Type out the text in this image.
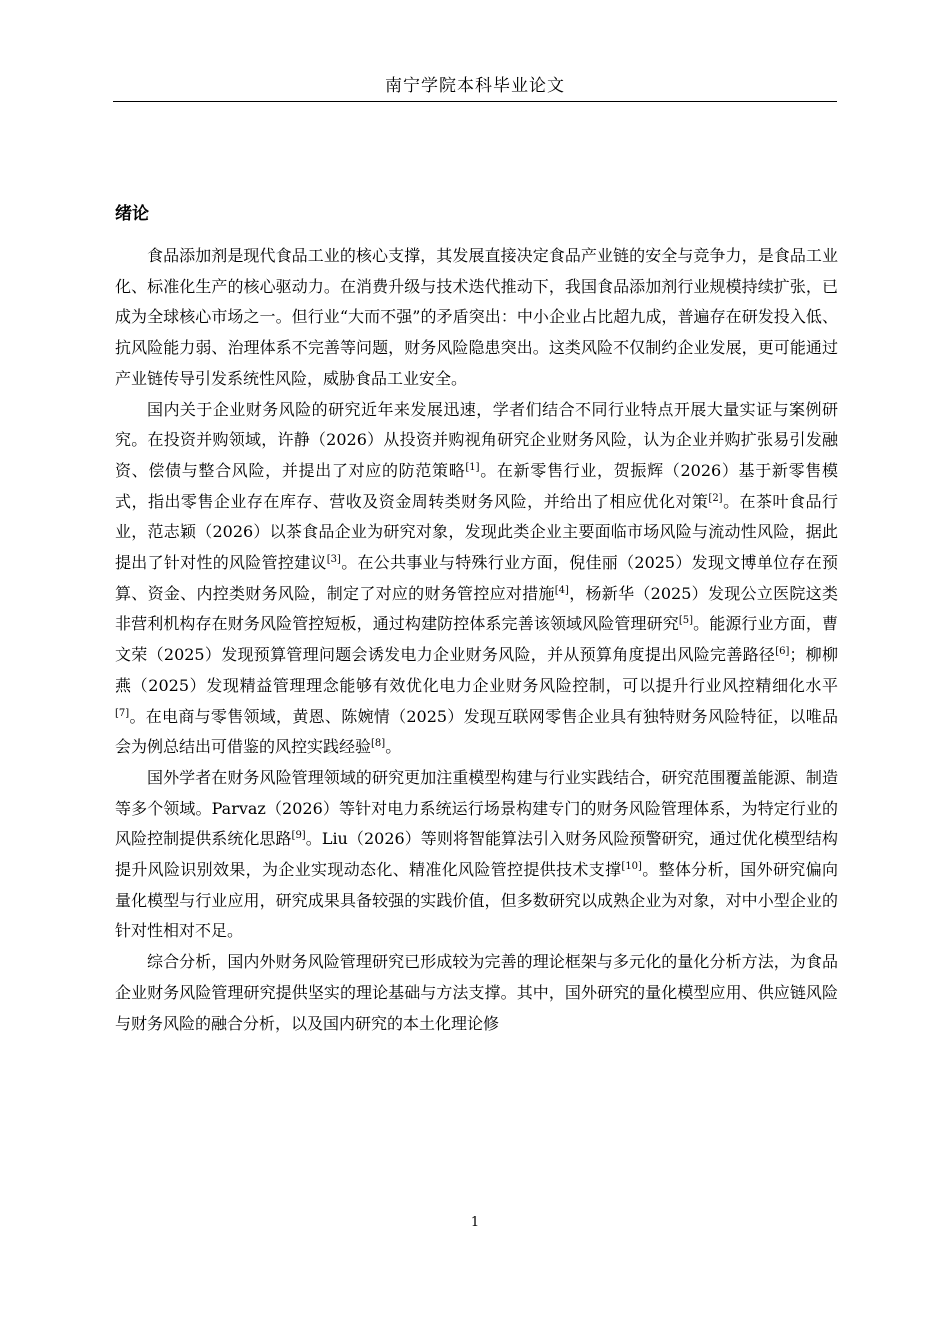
南宁学院本科毕业论文
绪论

食品添加剂是现代食品工业的核心支撑，其发展直接决定食品产业链的安全与竞争力，是食品工业化、标准化生产的核心驱动力。在消费升级与技术迭代推动下，我国食品添加剂行业规模持续扩张，已成为全球核心市场之一。但行业“大而不强”的矛盾突出：中小企业占比超九成，普遍存在研发投入低、抗风险能力弱、治理体系不完善等问题，财务风险隐患突出。这类风险不仅制约企业发展，更可能通过产业链传导引发系统性风险，威胁食品工业安全。

国内关于企业财务风险的研究近年来发展迅速，学者们结合不同行业特点开展大量实证与案例研究。在投资并购领域，许静（2026）从投资并购视角研究企业财务风险，认为企业并购扩张易引发融资、偿债与整合风险，并提出了对应的防范策略[1]。在新零售行业，贺振辉（2026）基于新零售模式，指出零售企业存在库存、营收及资金周转类财务风险，并给出了相应优化对策[2]。在茶叶食品行业，范志颖（2026）以茶食品企业为研究对象，发现此类企业主要面临市场风险与流动性风险，据此提出了针对性的风险管控建议[3]。在公共事业与特殊行业方面，倪佳丽（2025）发现文博单位存在预算、资金、内控类财务风险，制定了对应的财务管控应对措施[4]，杨新华（2025）发现公立医院这类非营利机构存在财务风险管控短板，通过构建防控体系完善该领域风险管理研究[5]。能源行业方面，曹文荣（2025）发现预算管理问题会诱发电力企业财务风险，并从预算角度提出风险完善路径[6]；柳柳燕（2025）发现精益管理理念能够有效优化电力企业财务风险控制，可以提升行业风控精细化水平[7]。在电商与零售领域，黄恩、陈婉情（2025）发现互联网零售企业具有独特财务风险特征，以唯品会为例总结出可借鉴的风控实践经验[8]。

国外学者在财务风险管理领域的研究更加注重模型构建与行业实践结合，研究范围覆盖能源、制造等多个领域。Parvaz（2026）等针对电力系统运行场景构建专门的财务风险管理体系，为特定行业的风险控制提供系统化思路[9]。Liu（2026）等则将智能算法引入财务风险预警研究，通过优化模型结构提升风险识别效果，为企业实现动态化、精准化风险管控提供技术支撑[10]。整体分析，国外研究偏向量化模型与行业应用，研究成果具备较强的实践价值，但多数研究以成熟企业为对象，对中小型企业的针对性相对不足。

综合分析，国内外财务风险管理研究已形成较为完善的理论框架与多元化的量化分析方法，为食品企业财务风险管理研究提供坚实的理论基础与方法支撑。其中，国外研究的量化模型应用、供应链风险与财务风险的融合分析，以及国内研究的本土化理论修

1
